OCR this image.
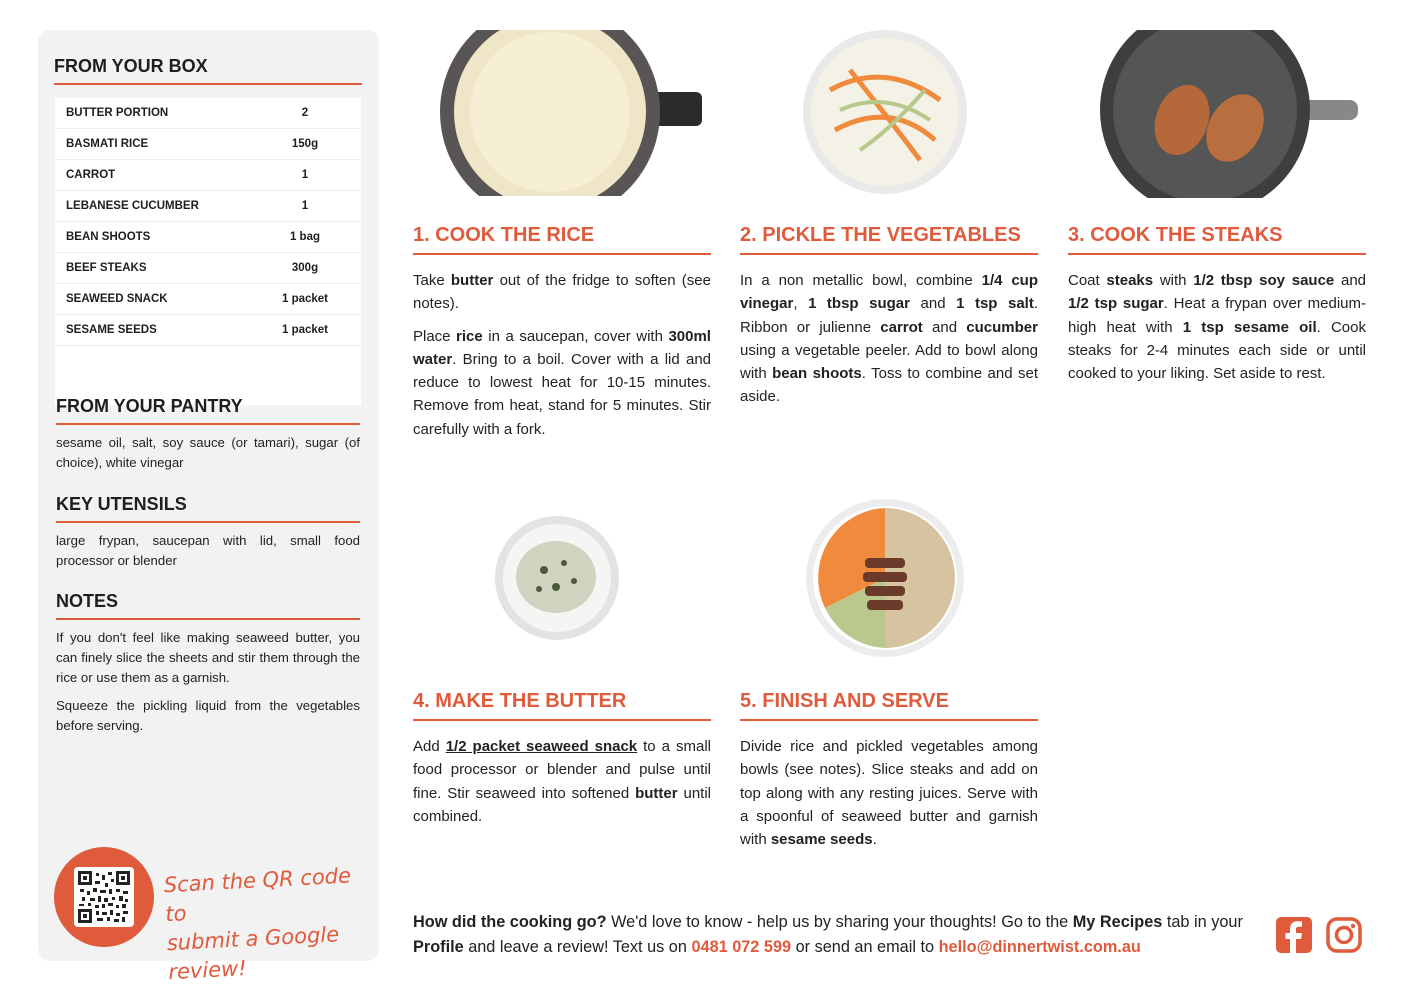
FROM YOUR BOX
BUTTER PORTION	2
BASMATI RICE	150g
CARROT	1
LEBANESE CUCUMBER	1
BEAN SHOOTS	1 bag
BEEF STEAKS	300g
SEAWEED SNACK	1 packet
SESAME SEEDS	1 packet
FROM YOUR PANTRY
sesame oil, salt, soy sauce (or tamari), sugar (of choice), white vinegar
KEY UTENSILS
large frypan, saucepan with lid, small food processor or blender
NOTES

If you don't feel like making seaweed butter, you can finely slice the sheets and stir them through the rice or use them as a garnish.

Squeeze the pickling liquid from the vegetables before serving.

Scan the QR code to
submit a Google review!
1. COOK THE RICE

Take butter out of the fridge to soften (see notes).

Place rice in a saucepan, cover with 300ml water. Bring to a boil. Cover with a lid and reduce to lowest heat for 10-15 minutes. Remove from heat, stand for 5 minutes. Stir carefully with a fork.

2. PICKLE THE VEGETABLES

In a non metallic bowl, combine 1/4 cup vinegar, 1 tbsp sugar and 1 tsp salt. Ribbon or julienne carrot and cucumber using a vegetable peeler. Add to bowl along with bean shoots. Toss to combine and set aside.

3. COOK THE STEAKS

Coat steaks with 1/2 tbsp soy sauce and 1/2 tsp sugar. Heat a frypan over medium-high heat with 1 tsp sesame oil. Cook steaks for 2-4 minutes each side or until cooked to your liking. Set aside to rest.

4. MAKE THE BUTTER

Add 1/2 packet seaweed snack to a small food processor or blender and pulse until fine. Stir seaweed into softened butter until combined.

5. FINISH AND SERVE

Divide rice and pickled vegetables among bowls (see notes). Slice steaks and add on top along with any resting juices. Serve with a spoonful of seaweed butter and garnish with sesame seeds.

How did the cooking go? We'd love to know - help us by sharing your thoughts! Go to the My Recipes tab in your Profile and leave a review! Text us on 0481 072 599 or send an email to hello@dinnertwist.com.au
